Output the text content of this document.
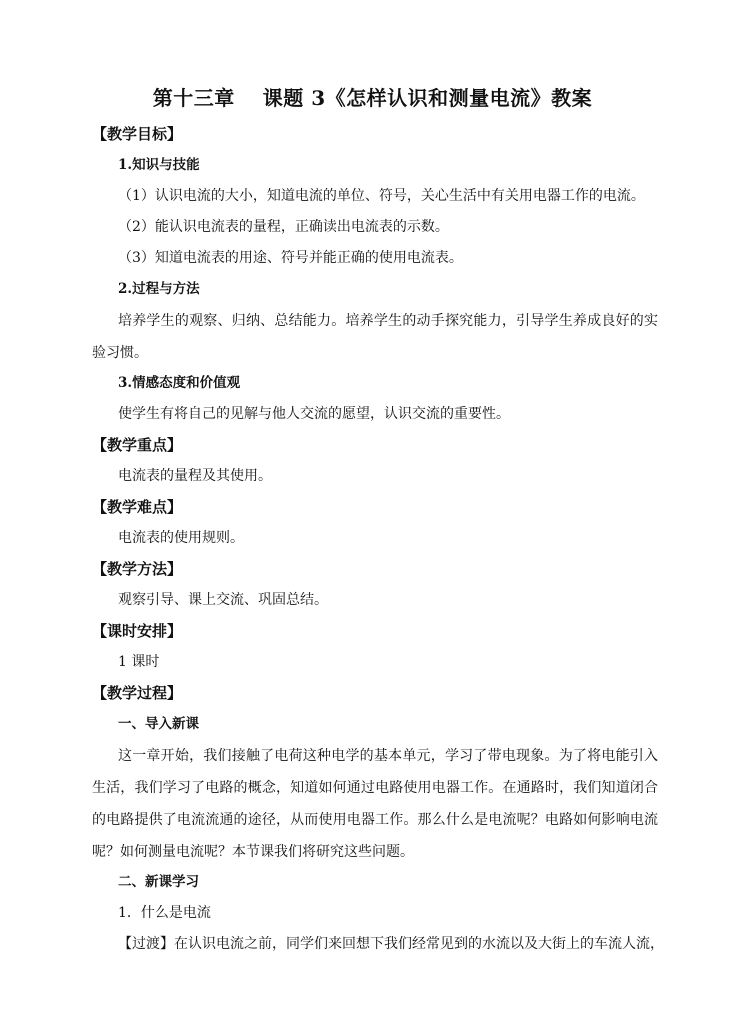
第十三章 课题 3《怎样认识和测量电流》教案
【教学目标】
1.知识与技能
（1）认识电流的大小，知道电流的单位、符号，关心生活中有关用电器工作的电流。
（2）能认识电流表的量程，正确读出电流表的示数。
（3）知道电流表的用途、符号并能正确的使用电流表。
2.过程与方法
培养学生的观察、归纳、总结能力。培养学生的动手探究能力，引导学生养成良好的实验习惯。
3.情感态度和价值观
使学生有将自己的见解与他人交流的愿望，认识交流的重要性。
【教学重点】
电流表的量程及其使用。
【教学难点】
电流表的使用规则。
【教学方法】
观察引导、课上交流、巩固总结。
【课时安排】
1 课时
【教学过程】
一、导入新课
这一章开始，我们接触了电荷这种电学的基本单元，学习了带电现象。为了将电能引入生活，我们学习了电路的概念，知道如何通过电路使用电器工作。在通路时，我们知道闭合的电路提供了电流流通的途径，从而使用电器工作。那么什么是电流呢？电路如何影响电流呢？如何测量电流呢？本节课我们将研究这些问题。
二、新课学习
1．什么是电流
【过渡】在认识电流之前，同学们来回想下我们经常见到的水流以及大街上的车流人流，
